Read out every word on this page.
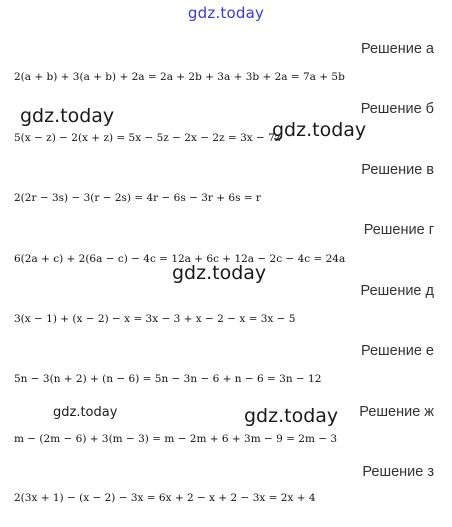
gdz.today
Решение а
2(a + b) + 3(a + b) + 2a = 2a + 2b + 3a + 3b + 2a = 7a + 5b
Решение б
5(x − z) − 2(x + z) = 5x − 5z − 2x − 2z = 3x − 7z
Решение в
2(2r − 3s) − 3(r − 2s) = 4r − 6s − 3r + 6s = r
Решение г
6(2a + c) + 2(6a − c) − 4c = 12a + 6c + 12a − 2c − 4c = 24a
Решение д
3(x − 1) + (x − 2) − x = 3x − 3 + x − 2 − x = 3x − 5
Решение е
5n − 3(n + 2) + (n − 6) = 5n − 3n − 6 + n − 6 = 3n − 12
Решение ж
m − (2m − 6) + 3(m − 3) = m − 2m + 6 + 3m − 9 = 2m − 3
Решение з
2(3x + 1) − (x − 2) − 3x = 6x + 2 − x + 2 − 3x = 2x + 4
gdz.today
gdz.today
gdz.today
gdz.today	gdz.today
